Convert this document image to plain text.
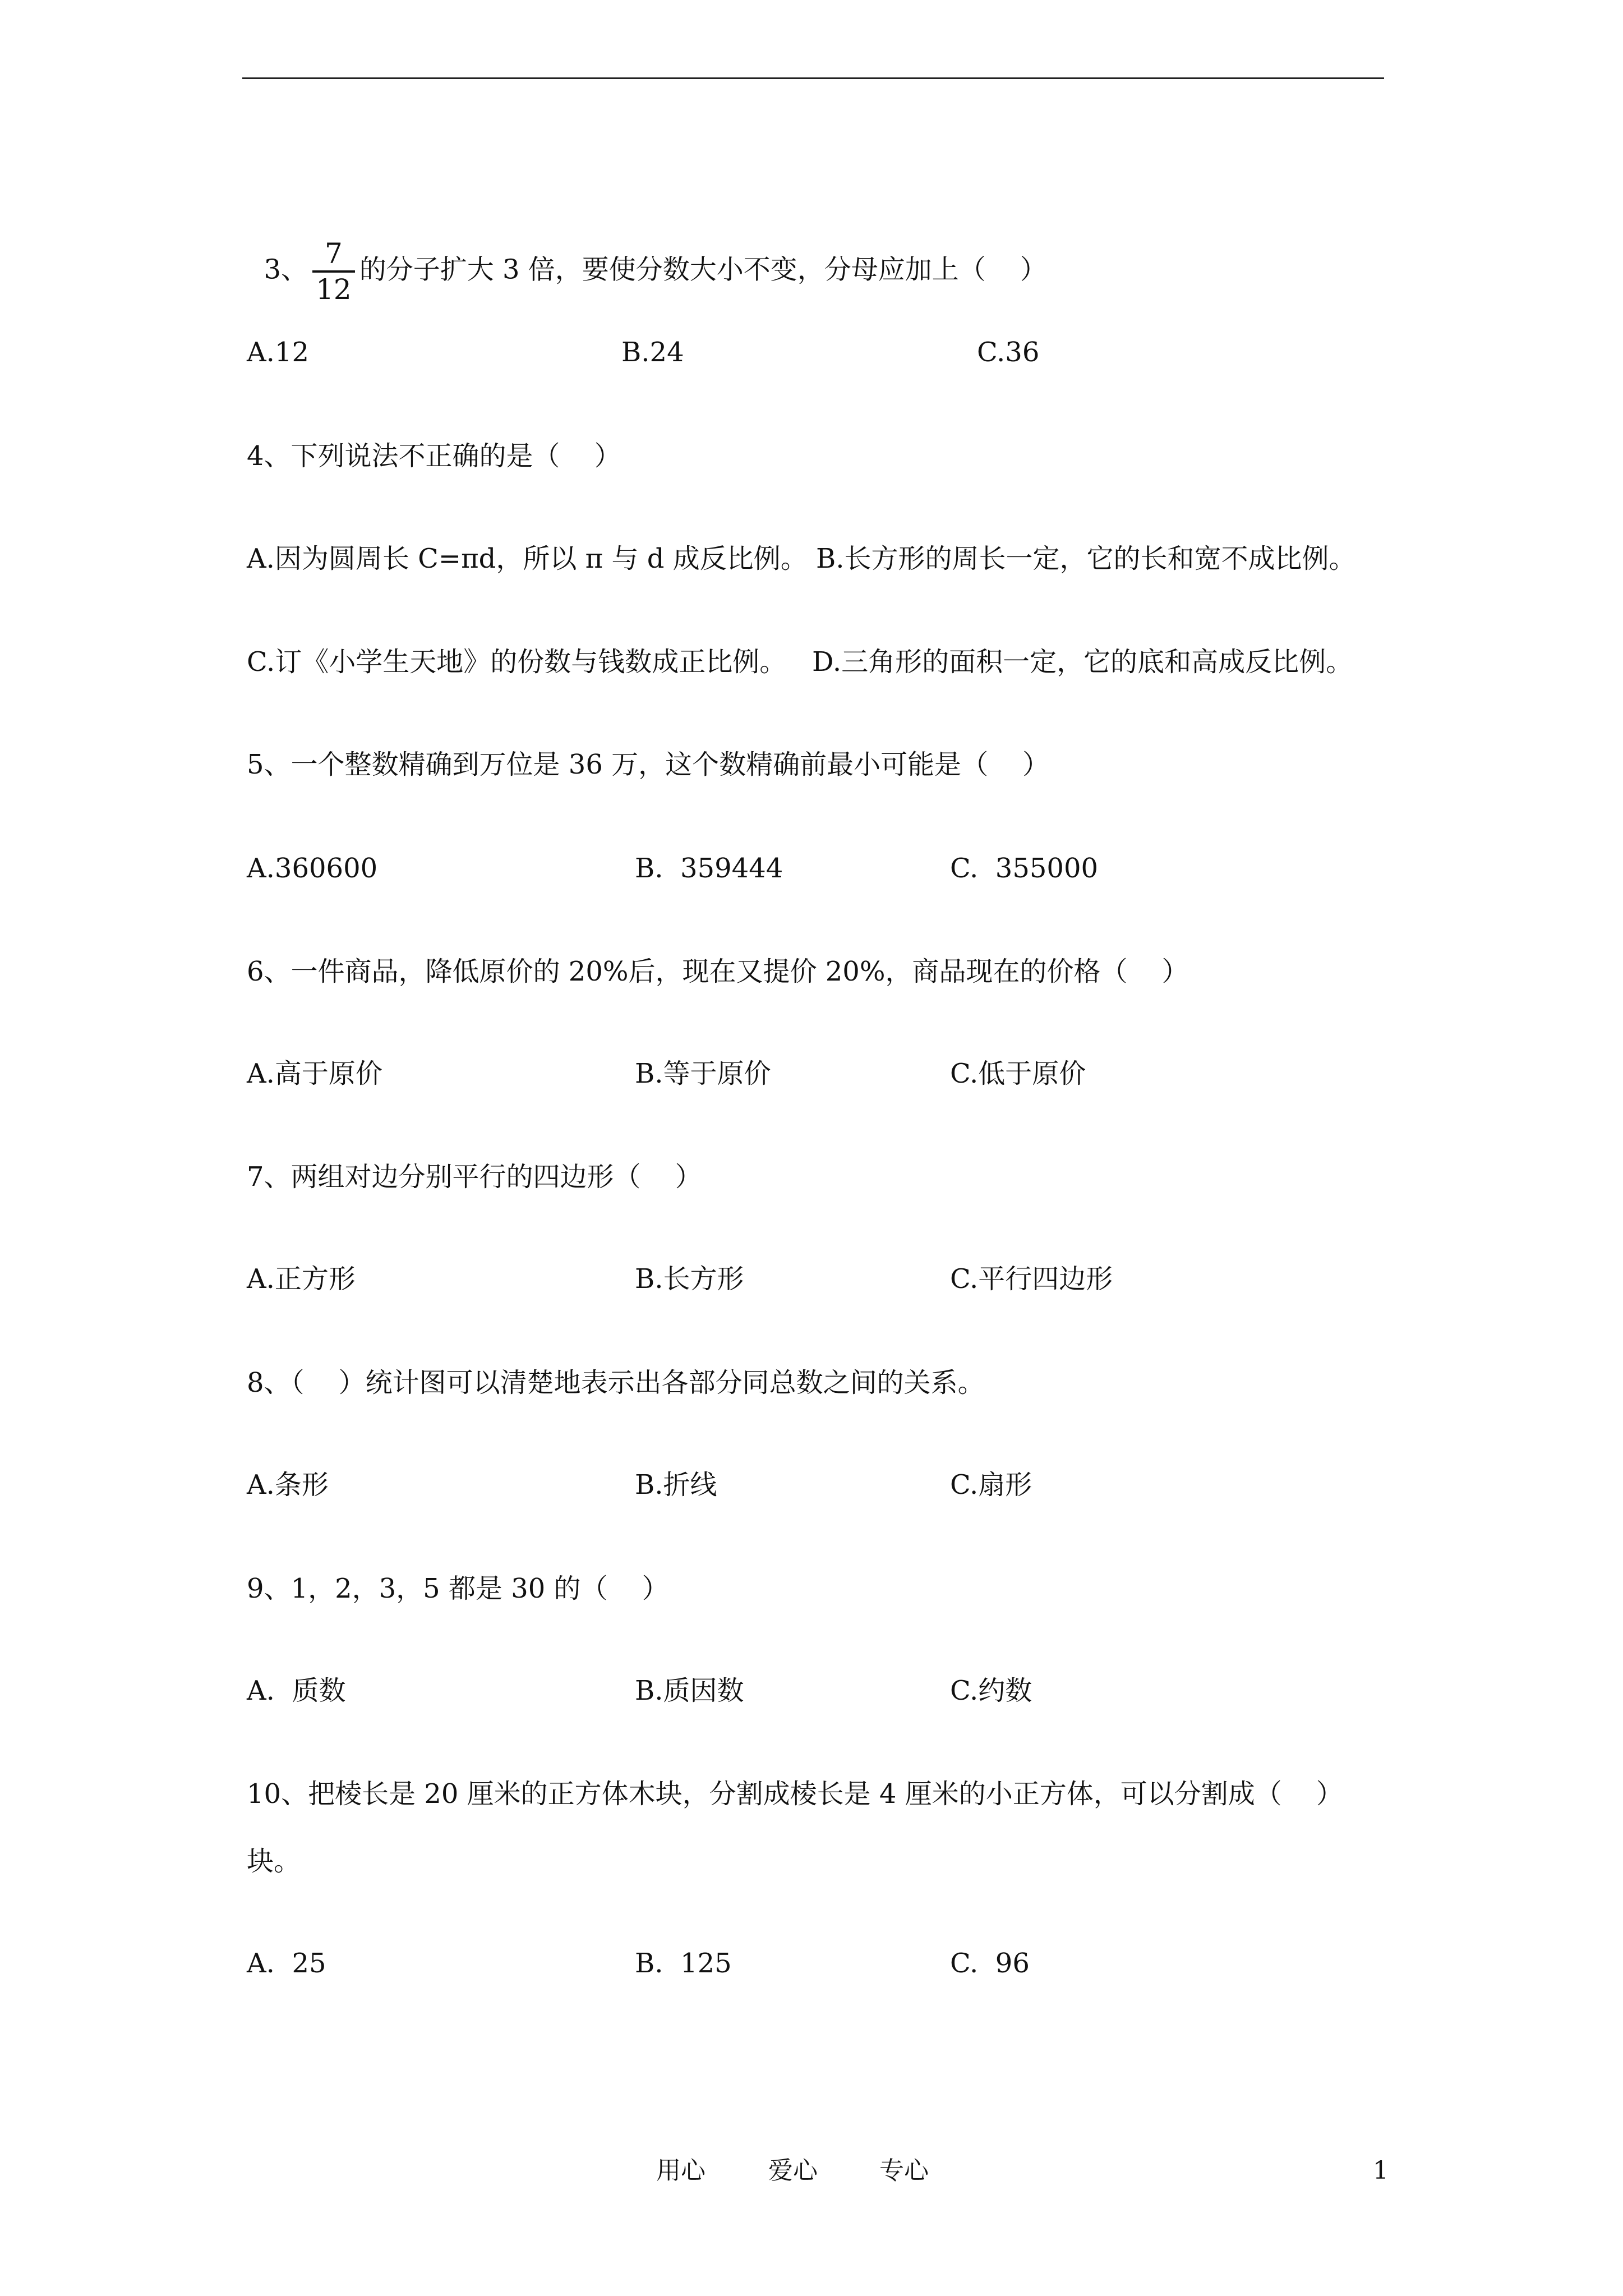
3、 $\frac{7}{12}$ 的分子扩大 3 倍，要使分数大小不变，分母应加上（    ）

A.12	B.24	C.36
4、下列说法不正确的是（    ）
A.因为圆周长 C=πd，所以 π 与 d 成反比例。 B.长方形的周长一定，它的长和宽不成比例。
C.订《小学生天地》的份数与钱数成正比例。   D.三角形的面积一定，它的底和高成反比例。
5、一个整数精确到万位是 36 万，这个数精确前最小可能是（    ）
A.360600	B.  359444	C.  355000
6、一件商品，降低原价的 20%后，现在又提价 20%，商品现在的价格（    ）
A.高于原价	B.等于原价	C.低于原价
7、两组对边分别平行的四边形（    ）
A.正方形	B.长方形	C.平行四边形
8、（    ）统计图可以清楚地表示出各部分同总数之间的关系。
A.条形	B.折线	C.扇形
9、1，2，3，5 都是 30 的（    ）
A.  质数	B.质因数	C.约数
10、把棱长是 20 厘米的正方体木块，分割成棱长是 4 厘米的小正方体，可以分割成（    ）
块。
A.  25	B.  125	C.  96
用心	爱心	专心	1
